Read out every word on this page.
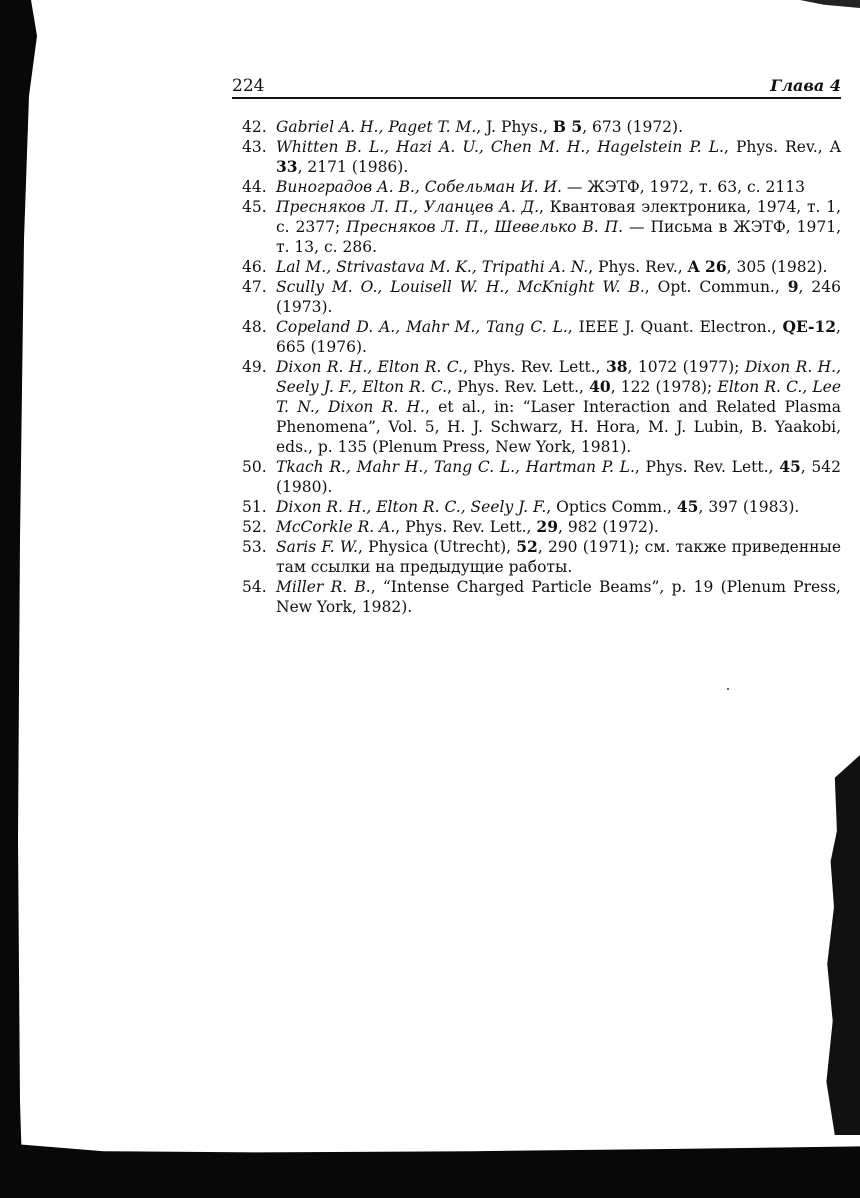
224	Глава 4
42. Gabriel A. H., Paget T. M., J. Phys., B 5, 673 (1972).
43. Whitten B. L., Hazi A. U., Chen M. H., Hagelstein P. L., Phys. Rev., A 33, 2171 (1986).
44. Виноградов А. В., Собельман И. И. — ЖЭТФ, 1972, т. 63, с. 2113
45. Пресняков Л. П., Уланцев А. Д., Квантовая электроника, 1974, т. 1, с. 2377; Пресняков Л. П., Шевелько В. П. — Письма в ЖЭТФ, 1971, т. 13, с. 286.
46. Lal M., Strivastava M. K., Tripathi A. N., Phys. Rev., A 26, 305 (1982).
47. Scully M. O., Louisell W. H., McKnight W. B., Opt. Commun., 9, 246 (1973).
48. Copeland D. A., Mahr M., Tang C. L., IEEE J. Quant. Electron., QE-12, 665 (1976).
49. Dixon R. H., Elton R. C., Phys. Rev. Lett., 38, 1072 (1977); Dixon R. H., Seely J. F., Elton R. C., Phys. Rev. Lett., 40, 122 (1978); Elton R. C., Lee T. N., Dixon R. H., et al., in: “Laser Interaction and Related Plasma Phenomena”, Vol. 5, H. J. Schwarz, H. Hora, M. J. Lubin, B. Yaakobi, eds., p. 135 (Plenum Press, New York, 1981).
50. Tkach R., Mahr H., Tang C. L., Hartman P. L., Phys. Rev. Lett., 45, 542 (1980).
51. Dixon R. H., Elton R. C., Seely J. F., Optics Comm., 45, 397 (1983).
52. McCorkle R. A., Phys. Rev. Lett., 29, 982 (1972).
53. Saris F. W., Physica (Utrecht), 52, 290 (1971); см. также приведенные там ссылки на предыдущие работы.
54. Miller R. B., “Intense Charged Particle Beams”, p. 19 (Plenum Press, New York, 1982).
